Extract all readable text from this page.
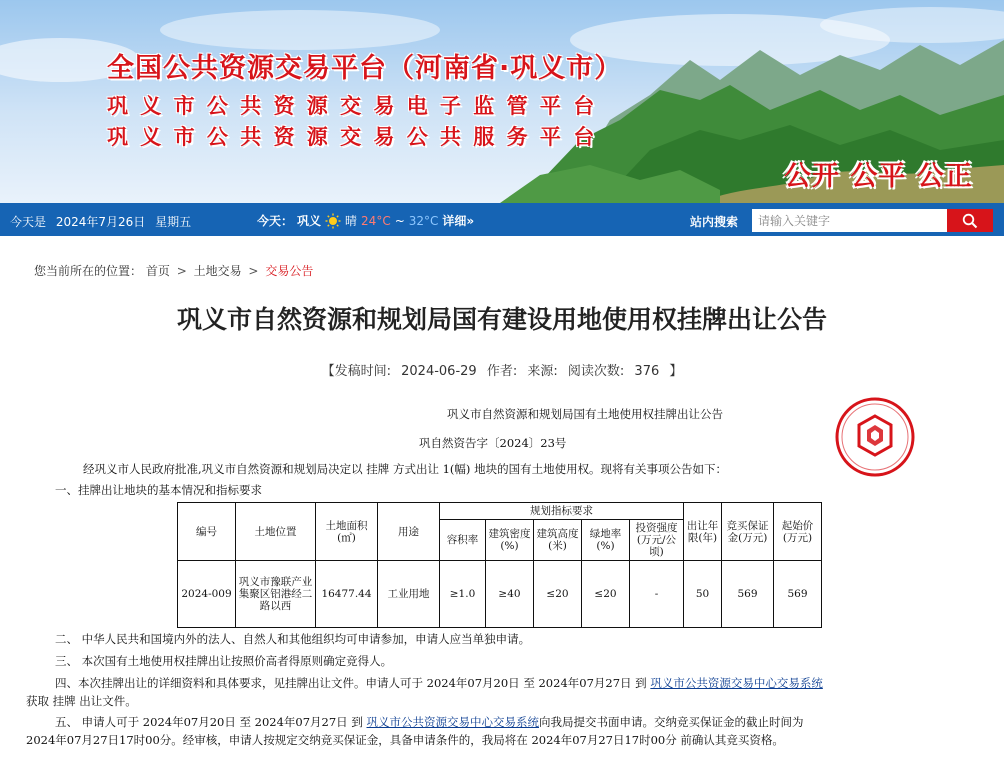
全国公共资源交易平台（河南省·巩义市）
巩义市公共资源交易电子监管平台
巩义市公共资源交易公共服务平台
公开 公平 公正
今天是 2024年7月26日 星期五	今天： 巩义 晴 24°C ~ 32°C 详细»	站内搜索
请输入关键字
您当前所在的位置： 首页 > 土地交易 > 交易公告
巩义市自然资源和规划局国有建设用地使用权挂牌出让公告
【发稿时间: 2024-06-29 作者: 来源: 阅读次数: 376 】
巩义市自然资源和规划局国有土地使用权挂牌出让公告
巩自然资告字〔2024〕23号
经巩义市人民政府批准,巩义市自然资源和规划局决定以 挂牌 方式出让 1(幅) 地块的国有土地使用权。现将有关事项公告如下：
一、挂牌出让地块的基本情况和指标要求
编号	土地位置	土地面积(㎡)	用途	规划指标要求					出让年限(年)	竞买保证金(万元)	起始价(万元)
				容积率	建筑密度(%)	建筑高度(米)	绿地率(%)	投资强度(万元/公顷)			
2024-009	巩义市豫联产业集聚区铝港经二路以西	16477.44	工业用地	≥1.0	≥40	≤20	≤20	-	50	569	569
二、 中华人民共和国境内外的法人、自然人和其他组织均可申请参加，申请人应当单独申请。
三、 本次国有土地使用权挂牌出让按照价高者得原则确定竞得人。
四、本次挂牌出让的详细资料和具体要求，见挂牌出让文件。申请人可于 2024年07月20日 至 2024年07月27日 到 巩义市公共资源交易中心交易系统
获取 挂牌 出让文件。
五、 申请人可于 2024年07月20日 至 2024年07月27日 到 巩义市公共资源交易中心交易系统向我局提交书面申请。交纳竞买保证金的截止时间为
2024年07月27日17时00分。经审核，申请人按规定交纳竞买保证金，具备申请条件的，我局将在 2024年07月27日17时00分 前确认其竞买资格。
